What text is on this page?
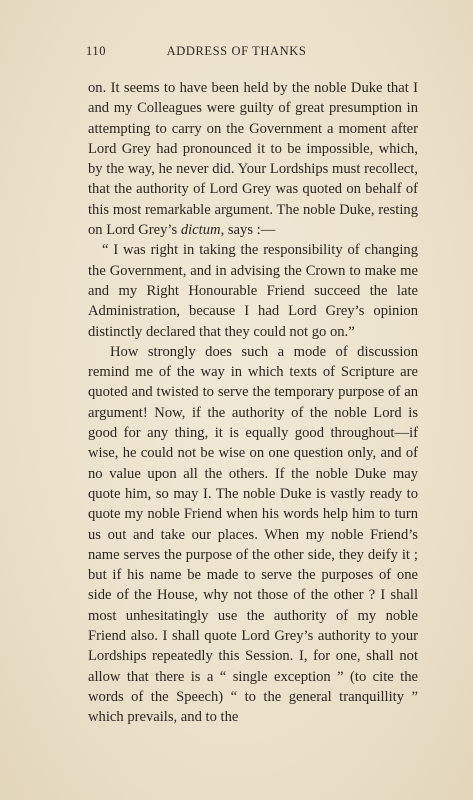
110	ADDRESS OF THANKS

on. It seems to have been held by the noble Duke that I and my Colleagues were guilty of great presumption in attempting to carry on the Government a moment after Lord Grey had pronounced it to be impossible, which, by the way, he never did. Your Lordships must recollect, that the authority of Lord Grey was quoted on behalf of this most remarkable argument. The noble Duke, resting on Lord Grey’s dictum, says :—

“ I was right in taking the responsibility of changing the Government, and in advising the Crown to make me and my Right Honourable Friend succeed the late Administration, because I had Lord Grey’s opinion distinctly declared that they could not go on.”

How strongly does such a mode of discussion remind me of the way in which texts of Scripture are quoted and twisted to serve the temporary purpose of an argument! Now, if the authority of the noble Lord is good for any thing, it is equally good throughout—if wise, he could not be wise on one question only, and of no value upon all the others. If the noble Duke may quote him, so may I. The noble Duke is vastly ready to quote my noble Friend when his words help him to turn us out and take our places. When my noble Friend’s name serves the purpose of the other side, they deify it ; but if his name be made to serve the purposes of one side of the House, why not those of the other ? I shall most unhesitatingly use the authority of my noble Friend also. I shall quote Lord Grey’s authority to your Lordships repeatedly this Session. I, for one, shall not allow that there is a “ single exception ” (to cite the words of the Speech) “ to the general tranquillity ” which prevails, and to the
